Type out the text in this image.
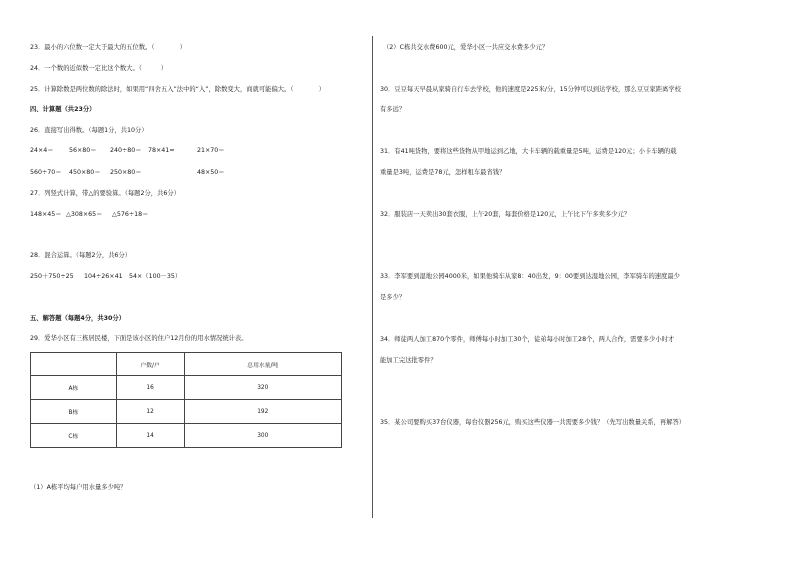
23．最小的六位数一定大于最大的五位数。（　　　　）
24．一个数的近似数一定比这个数大。（　　　）
25．计算除数是两位数的除法时，如果用“四舍五入”法中的“入”，除数变大，商就可能偏大。（　　　　）
四、计算题（共23分）
26．直接写出得数。（每题1分，共10分）
24×4＝ 56×80＝ 240÷80＝ 78×41≈	21×70＝
560÷70＝ 450×80＝ 250×80＝	48×50＝
27．列竖式计算，带△的要验算。（每题2分，共6分）
148×45＝ △308×65＝ △576÷18＝
28．混合运算。（每题2分，共6分）
250＋750÷25 104÷26×41 54×（100－35）
五、解答题（每题4分，共30分）
29．爱华小区有三栋居民楼，下面是该小区的住户12月份的用水情况统计表。
	户数/户	总用水量/吨
A栋	16	320
B栋	12	192
C栋	14	300
（1）A栋平均每户用水量多少吨？
（2）C栋共交水费600元，爱华小区一共应交水费多少元？
30．豆豆每天早晨从家骑自行车去学校，他的速度是225米/分，15分钟可以到达学校，那么豆豆家距离学校
有多远？
31．有41吨货物，要将这些货物从甲地运到乙地，大卡车辆的载重量是5吨，运费是120元；小卡车辆的载
重量是3吨，运费是78元，怎样租车最省钱？
32．服装店一天卖出30套衣服，上午20套，每套价格是120元，上午比下午多卖多少元？
33．李军要到湿地公园4000米，如果他骑车从家8：40出发，9：00要到达湿地公园，李军骑车的速度最少
是多少？
34．师徒两人加工870个零件，师傅每小时加工30个，徒弟每小时加工28个，两人合作，需要多少小时才
能加工完这批零件？
35．某公司要购买37台仪器，每台仪器256元，购买这些仪器一共需要多少钱？（先写出数量关系，再解答）
